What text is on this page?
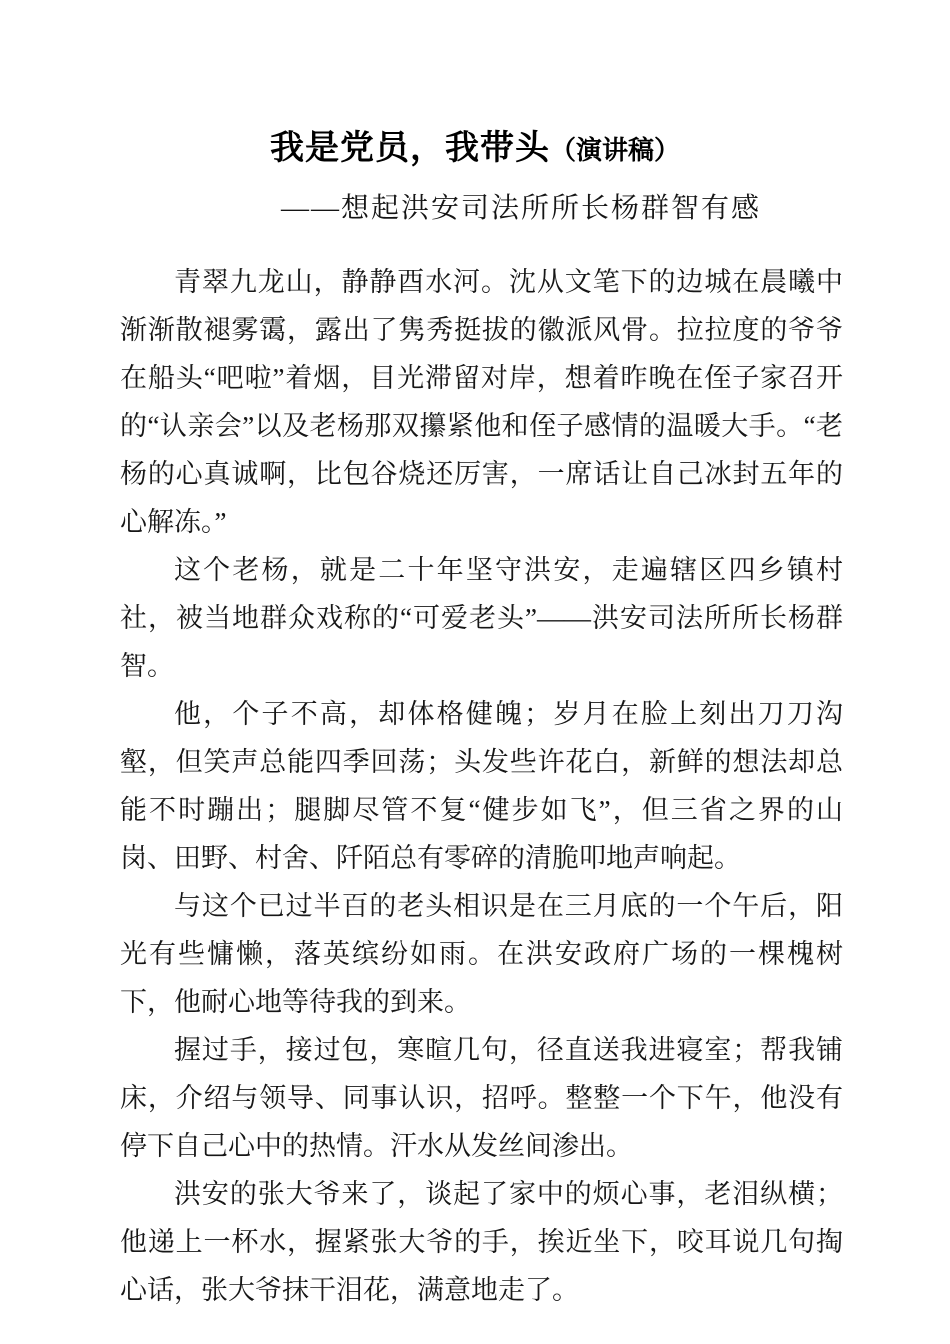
我是党员，我带头（演讲稿）
——想起洪安司法所所长杨群智有感

青翠九龙山，静静酉水河。沈从文笔下的边城在晨曦中渐渐散褪雾霭，露出了隽秀挺拔的徽派风骨。拉拉度的爷爷在船头“吧啦”着烟，目光滞留对岸，想着昨晚在侄子家召开的“认亲会”以及老杨那双攥紧他和侄子感情的温暖大手。“老杨的心真诚啊，比包谷烧还厉害，一席话让自己冰封五年的心解冻。”

这个老杨，就是二十年坚守洪安，走遍辖区四乡镇村社，被当地群众戏称的“可爱老头”——洪安司法所所长杨群智。

他，个子不高，却体格健魄；岁月在脸上刻出刀刀沟壑，但笑声总能四季回荡；头发些许花白，新鲜的想法却总能不时蹦出；腿脚尽管不复“健步如飞”，但三省之界的山岗、田野、村舍、阡陌总有零碎的清脆叩地声响起。

与这个已过半百的老头相识是在三月底的一个午后，阳光有些慵懒，落英缤纷如雨。在洪安政府广场的一棵槐树下，他耐心地等待我的到来。

握过手，接过包，寒暄几句，径直送我进寝室；帮我铺床，介绍与领导、同事认识，招呼。整整一个下午，他没有停下自己心中的热情。汗水从发丝间渗出。

洪安的张大爷来了，谈起了家中的烦心事，老泪纵横；他递上一杯水，握紧张大爷的手，挨近坐下，咬耳说几句掏心话，张大爷抹干泪花，满意地走了。
